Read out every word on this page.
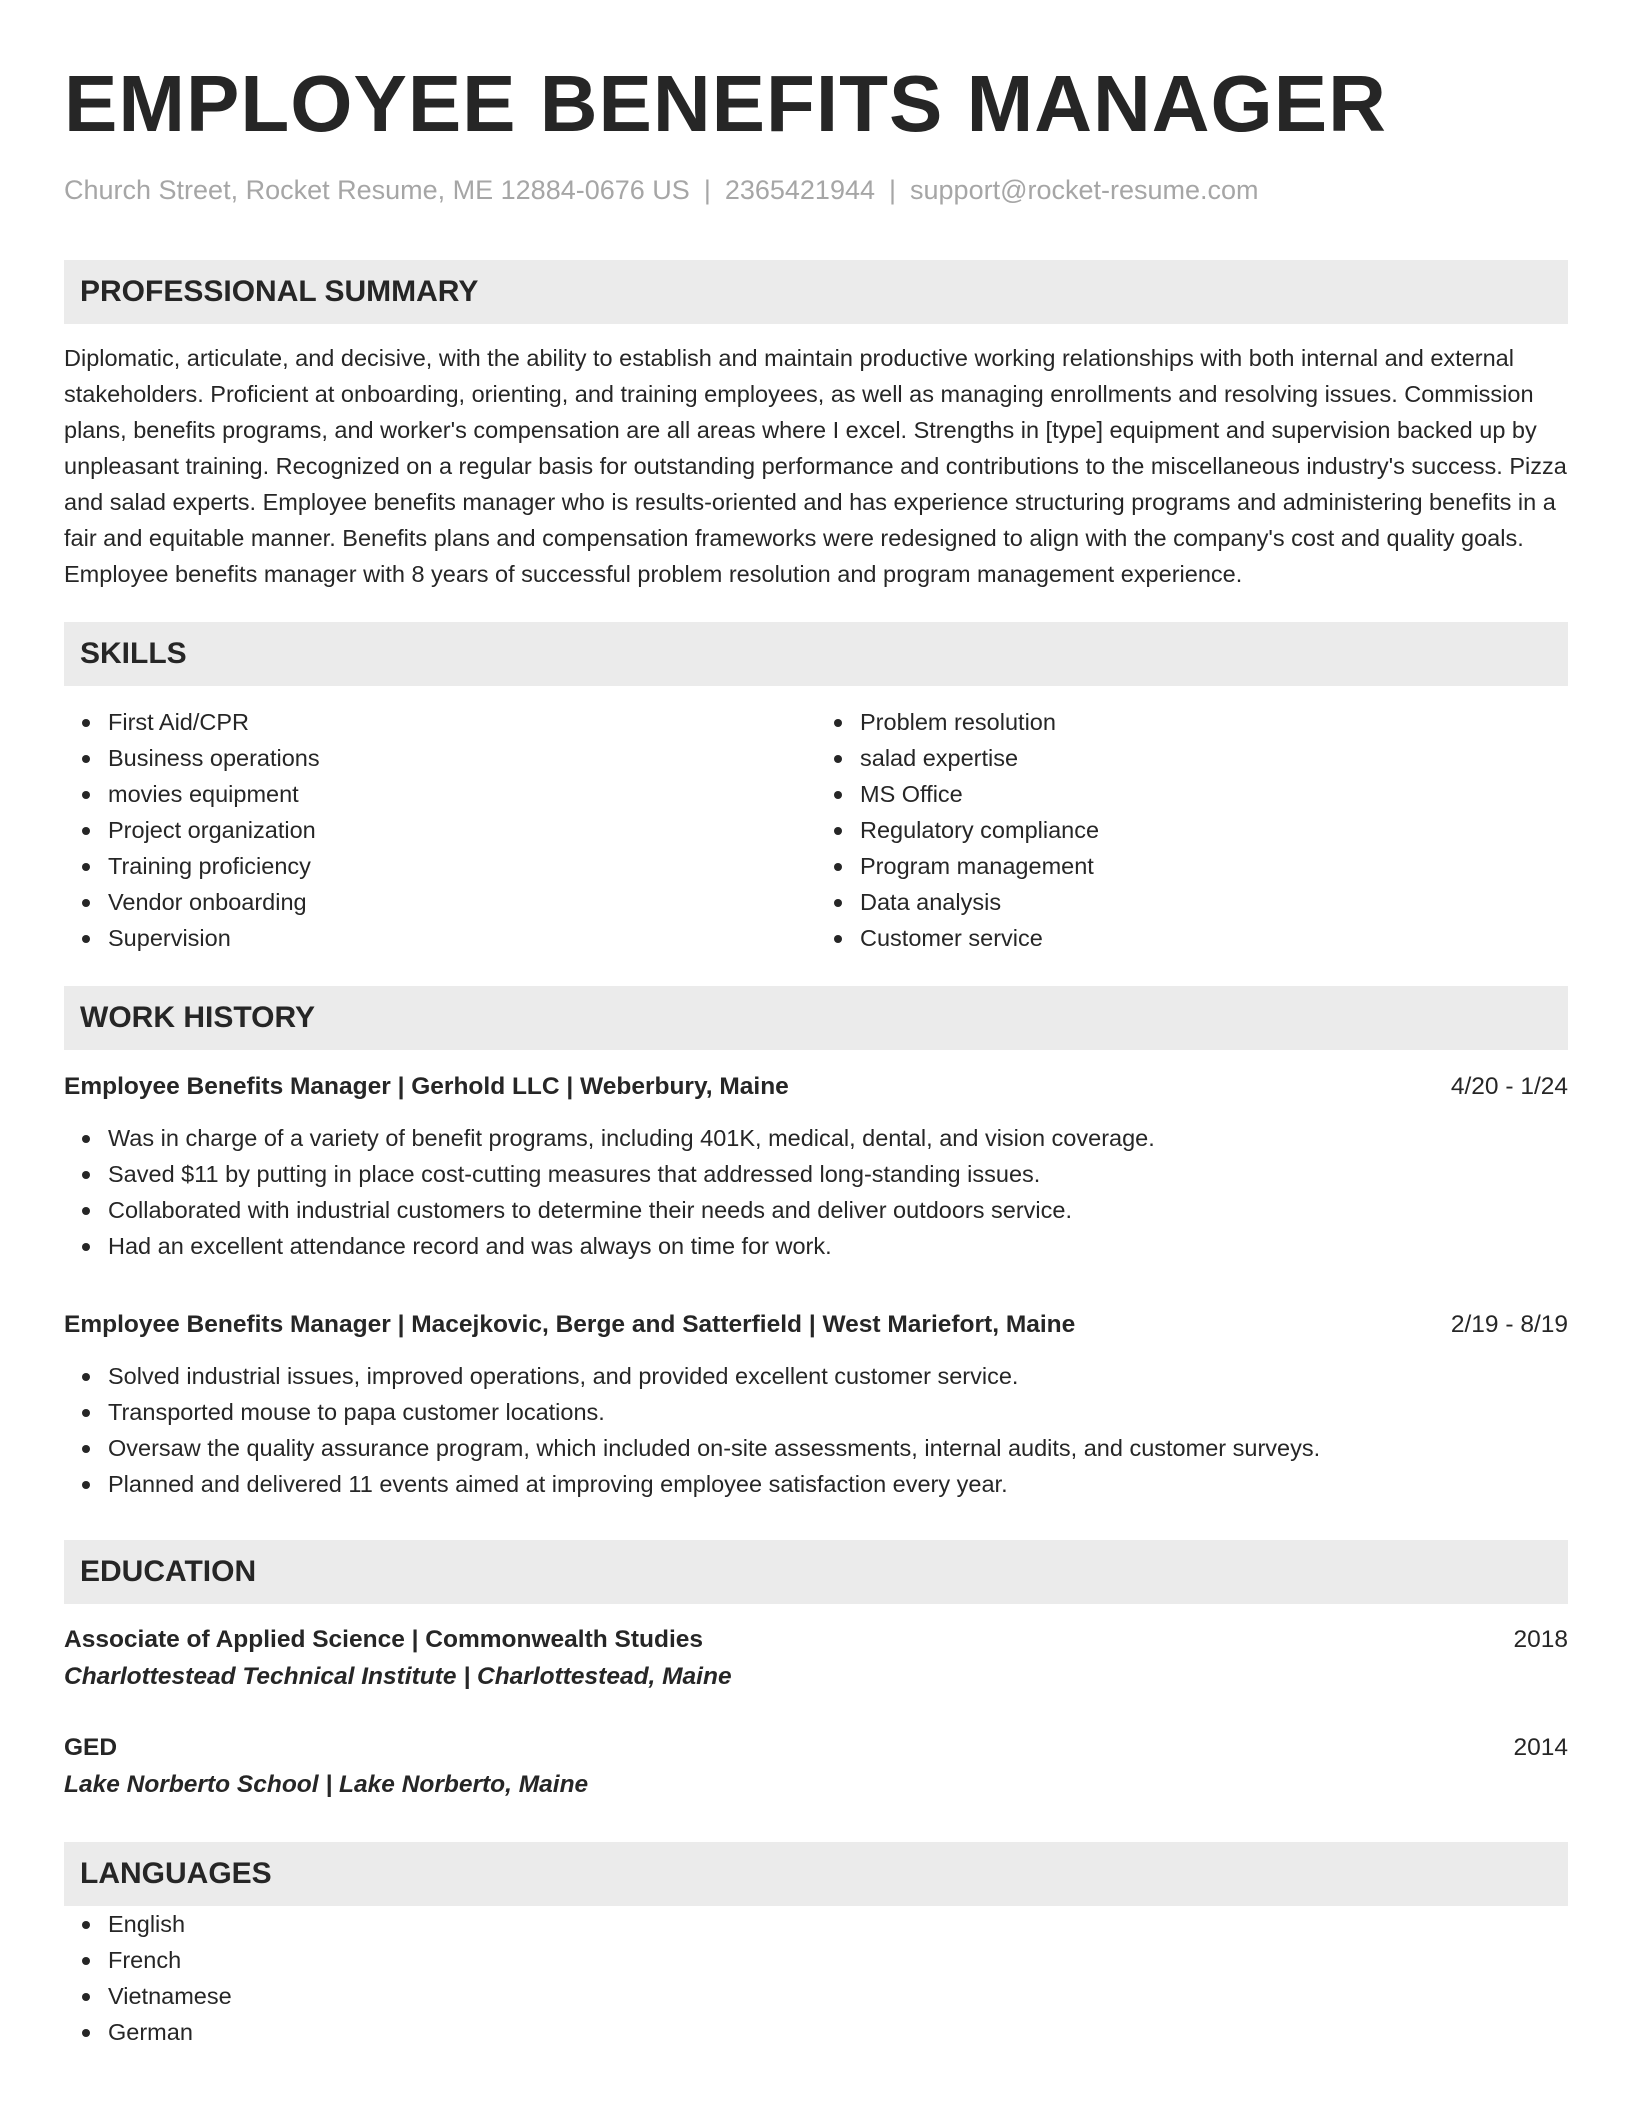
EMPLOYEE BENEFITS MANAGER
Church Street, Rocket Resume, ME 12884-0676 US | 2365421944 | support@rocket-resume.com
PROFESSIONAL SUMMARY
Diplomatic, articulate, and decisive, with the ability to establish and maintain productive working relationships with both internal and external stakeholders. Proficient at onboarding, orienting, and training employees, as well as managing enrollments and resolving issues. Commission plans, benefits programs, and worker's compensation are all areas where I excel. Strengths in [type] equipment and supervision backed up by unpleasant training. Recognized on a regular basis for outstanding performance and contributions to the miscellaneous industry's success. Pizza and salad experts. Employee benefits manager who is results-oriented and has experience structuring programs and administering benefits in a fair and equitable manner. Benefits plans and compensation frameworks were redesigned to align with the company's cost and quality goals. Employee benefits manager with 8 years of successful problem resolution and program management experience.
SKILLS
First Aid/CPR
Business operations
movies equipment
Project organization
Training proficiency
Vendor onboarding
Supervision
Problem resolution
salad expertise
MS Office
Regulatory compliance
Program management
Data analysis
Customer service
WORK HISTORY
Employee Benefits Manager | Gerhold LLC | Weberbury, Maine	4/20 - 1/24
Was in charge of a variety of benefit programs, including 401K, medical, dental, and vision coverage.
Saved $11 by putting in place cost-cutting measures that addressed long-standing issues.
Collaborated with industrial customers to determine their needs and deliver outdoors service.
Had an excellent attendance record and was always on time for work.
Employee Benefits Manager | Macejkovic, Berge and Satterfield | West Mariefort, Maine	2/19 - 8/19
Solved industrial issues, improved operations, and provided excellent customer service.
Transported mouse to papa customer locations.
Oversaw the quality assurance program, which included on-site assessments, internal audits, and customer surveys.
Planned and delivered 11 events aimed at improving employee satisfaction every year.
EDUCATION
Associate of Applied Science | Commonwealth Studies	2018
Charlottestead Technical Institute | Charlottestead, Maine
GED	2014
Lake Norberto School | Lake Norberto, Maine
LANGUAGES
English
French
Vietnamese
German
